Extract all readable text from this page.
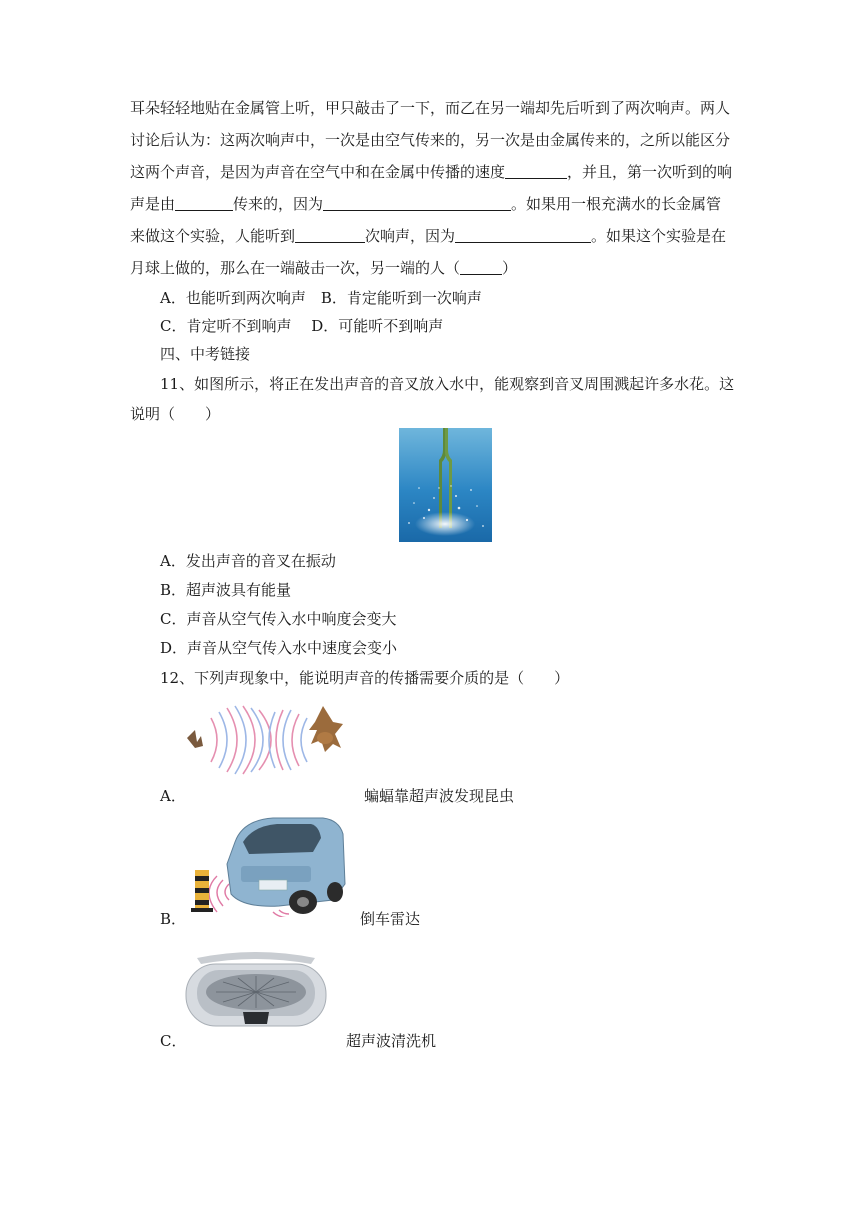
耳朵轻轻地贴在金属管上听，甲只敲击了一下，而乙在另一端却先后听到了两次响声。两人
讨论后认为：这两次响声中，一次是由空气传来的，另一次是由金属传来的，之所以能区分
这两个声音，是因为声音在空气中和在金属中传播的速度	，并且，第一次听到的响
声是由	传来的，因为	。如果用一根充满水的长金属管
来做这个实验，人能听到	次响声，因为	。如果这个实验是在
月球上做的，那么在一端敲击一次，另一端的人（	）
A．也能听到两次响声　B．肯定能听到一次响声
C．肯定听不到响声　 D．可能听不到响声
四、中考链接
11、如图所示，将正在发出声音的音叉放入水中，能观察到音叉周围溅起许多水花。这
说明（　　）
A．发出声音的音叉在振动
B．超声波具有能量
C．声音从空气传入水中响度会变大
D．声音从空气传入水中速度会变小
12、下列声现象中，能说明声音的传播需要介质的是（　　）
A．	蝙蝠靠超声波发现昆虫
B．	倒车雷达
C．	超声波清洗机
